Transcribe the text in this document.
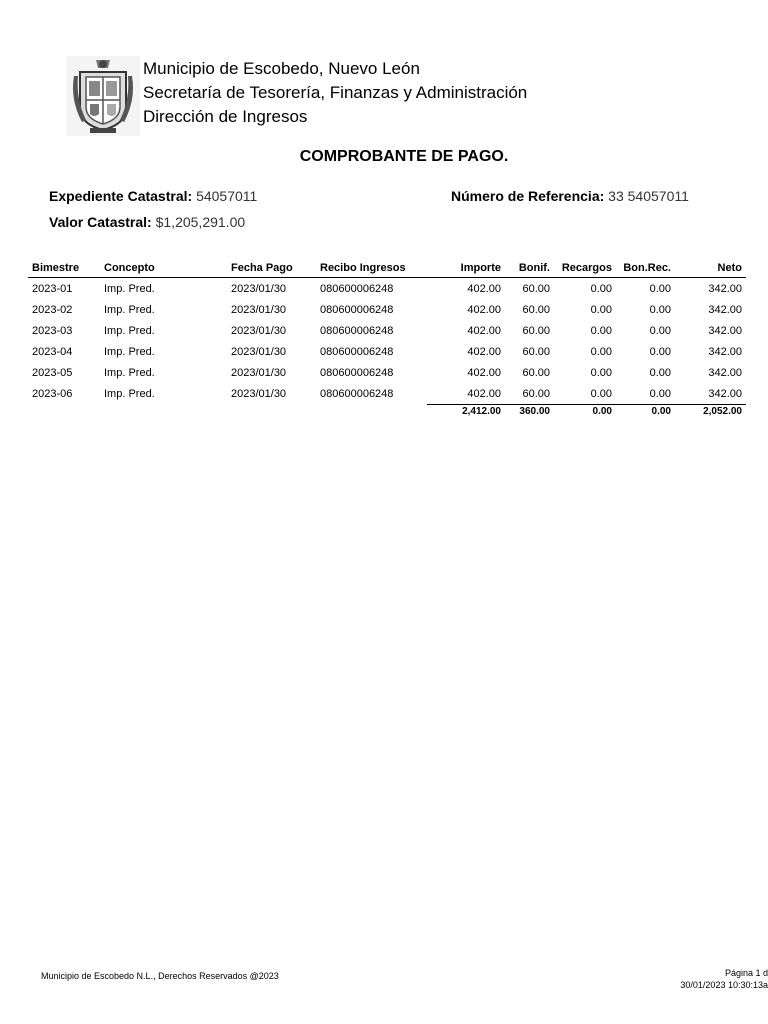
Municipio de Escobedo, Nuevo León
Secretaría de Tesorería, Finanzas y Administración
Dirección de Ingresos
COMPROBANTE DE PAGO.
Expediente Catastral: 54057011	Número de Referencia: 33 54057011
Valor Catastral: $1,205,291.00
Bimestre	Concepto	Fecha Pago	Recibo Ingresos	Importe	Bonif.	Recargos	Bon.Rec.	Neto
2023-01	Imp. Pred.	2023/01/30	080600006248	402.00	60.00	0.00	0.00	342.00
2023-02	Imp. Pred.	2023/01/30	080600006248	402.00	60.00	0.00	0.00	342.00
2023-03	Imp. Pred.	2023/01/30	080600006248	402.00	60.00	0.00	0.00	342.00
2023-04	Imp. Pred.	2023/01/30	080600006248	402.00	60.00	0.00	0.00	342.00
2023-05	Imp. Pred.	2023/01/30	080600006248	402.00	60.00	0.00	0.00	342.00
2023-06	Imp. Pred.	2023/01/30	080600006248	402.00	60.00	0.00	0.00	342.00
				2,412.00	360.00	0.00	0.00	2,052.00
Municipio de Escobedo N.L., Derechos Reservados @2023	Página 1 d
30/01/2023 10:30:13a
